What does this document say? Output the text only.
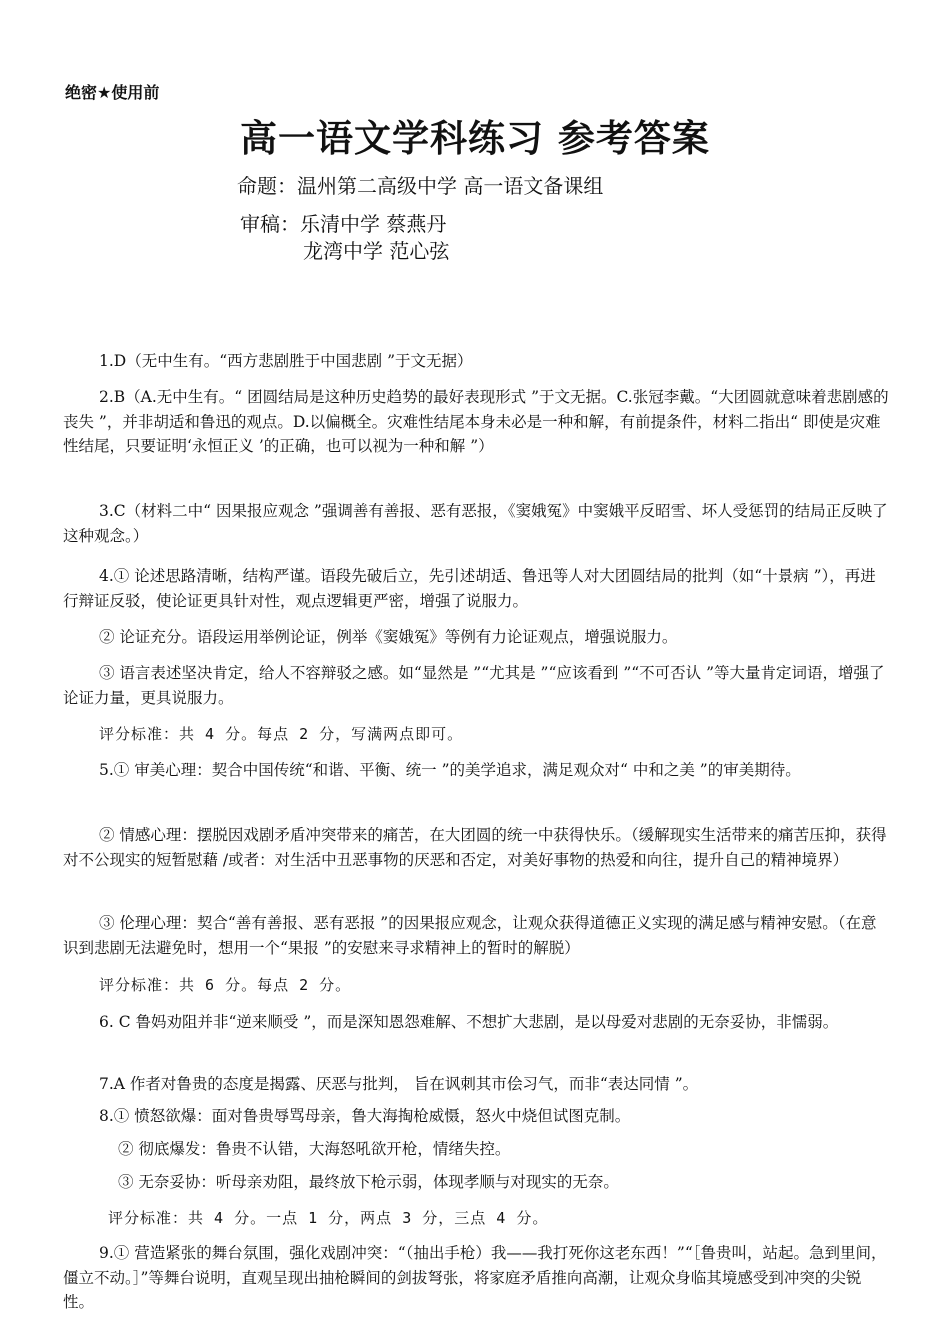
绝密★使用前
高一语文学科练习 参考答案
命题：温州第二高级中学 高一语文备课组
审稿：乐清中学 蔡燕丹
龙湾中学 范心弦
1.D（无中生有。“西方悲剧胜于中国悲剧 ”于文无据）
2.B（A.无中生有。“ 团圆结局是这种历史趋势的最好表现形式 ”于文无据。C.张冠李戴。“大团圆就意味着悲剧感的丧失 ”，并非胡适和鲁迅的观点。D.以偏概全。灾难性结尾本身未必是一种和解，有前提条件，材料二指出“ 即使是灾难性结尾，只要证明‘永恒正义 ’的正确，也可以视为一种和解 ”）
3.C（材料二中“ 因果报应观念 ”强调善有善报、恶有恶报，《窦娥冤》中窦娥平反昭雪、坏人受惩罚的结局正反映了这种观念。）
4.① 论述思路清晰，结构严谨。语段先破后立，先引述胡适、鲁迅等人对大团圆结局的批判（如“十景病 ”），再进行辩证反驳，使论证更具针对性，观点逻辑更严密，增强了说服力。
② 论证充分。语段运用举例论证，例举《窦娥冤》等例有力论证观点，增强说服力。
③ 语言表述坚决肯定，给人不容辩驳之感。如“显然是 ”“尤其是 ”“应该看到 ”“不可否认 ”等大量肯定词语，增强了论证力量，更具说服力。
评分标准：共 4 分。每点 2 分，写满两点即可。
5.① 审美心理：契合中国传统“和谐、平衡、统一 ”的美学追求，满足观众对“ 中和之美 ”的审美期待。
② 情感心理：摆脱因戏剧矛盾冲突带来的痛苦，在大团圆的统一中获得快乐。（缓解现实生活带来的痛苦压抑，获得对不公现实的短暂慰藉 /或者：对生活中丑恶事物的厌恶和否定，对美好事物的热爱和向往，提升自己的精神境界）
③ 伦理心理：契合“善有善报、恶有恶报 ”的因果报应观念，让观众获得道德正义实现的满足感与精神安慰。（在意识到悲剧无法避免时，想用一个“果报 ”的安慰来寻求精神上的暂时的解脱）
评分标准：共 6 分。每点 2 分。
6. C 鲁妈劝阻并非“逆来顺受 ”，而是深知恩怨难解、不想扩大悲剧，是以母爱对悲剧的无奈妥协，非懦弱。
7.A 作者对鲁贵的态度是揭露、厌恶与批判， 旨在讽刺其市侩习气，而非“表达同情 ”。
8.① 愤怒欲爆：面对鲁贵辱骂母亲，鲁大海掏枪威慑，怒火中烧但试图克制。
② 彻底爆发：鲁贵不认错，大海怒吼欲开枪，情绪失控。
③ 无奈妥协：听母亲劝阻，最终放下枪示弱，体现孝顺与对现实的无奈。
评分标准：共 4 分。一点 1 分，两点 3 分，三点 4 分。
9.① 营造紧张的舞台氛围，强化戏剧冲突：“（抽出手枪）我——我打死你这老东西！”“［鲁贵叫，站起。急到里间，僵立不动。］”等舞台说明，直观呈现出抽枪瞬间的剑拔弩张，将家庭矛盾推向高潮，让观众身临其境感受到冲突的尖锐性。
